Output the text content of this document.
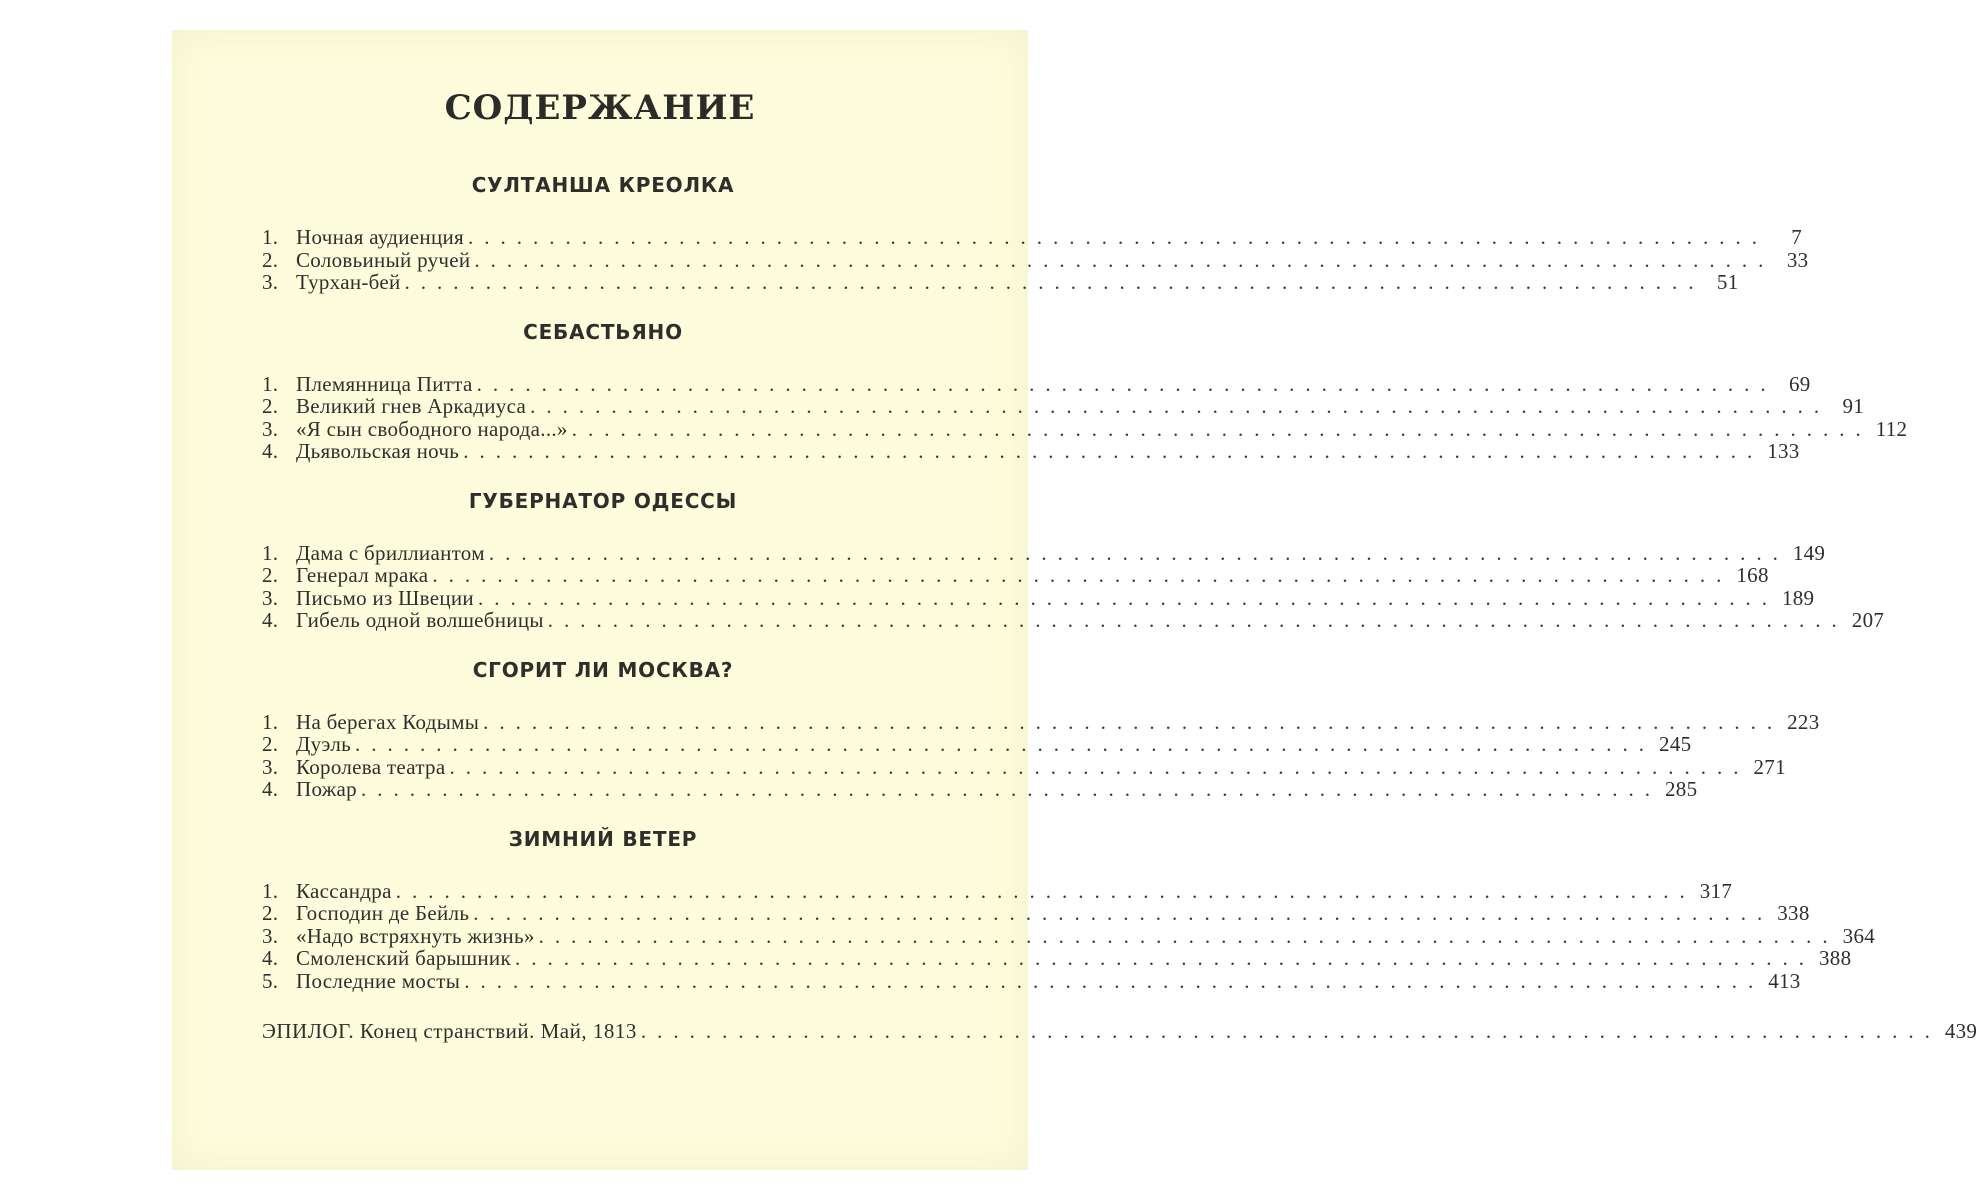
СОДЕРЖАНИЕ
СУЛТАНША КРЕОЛКА
1. Ночная аудиенция ................................................................................	7
2. Соловьиный ручей ................................................................................ 33
3. Турхан-бей ................................................................................ 51
СЕБАСТЬЯНО
1. Племянница Питта ................................................................................ 69
2. Великий гнев Аркадиуса ................................................................................ 91
3. «Я сын свободного народа...» ................................................................................ 112
4. Дьявольская ночь ................................................................................ 133
ГУБЕРНАТОР ОДЕССЫ
1. Дама с бриллиантом ................................................................................ 149
2. Генерал мрака ................................................................................ 168
3. Письмо из Швеции ................................................................................ 189
4. Гибель одной волшебницы ................................................................................ 207
СГОРИТ ЛИ МОСКВА?
1. На берегах Кодымы ................................................................................ 223
2. Дуэль ................................................................................ 245
3. Королева театра ................................................................................ 271
4. Пожар ................................................................................ 285
ЗИМНИЙ ВЕТЕР
1. Кассандра ................................................................................ 317
2. Господин де Бейль ................................................................................ 338
3. «Надо встряхнуть жизнь» ................................................................................ 364
4. Смоленский барышник ................................................................................ 388
5. Последние мосты ................................................................................ 413
ЭПИЛОГ. Конец странствий. Май, 1813 ................................................................................ 439
